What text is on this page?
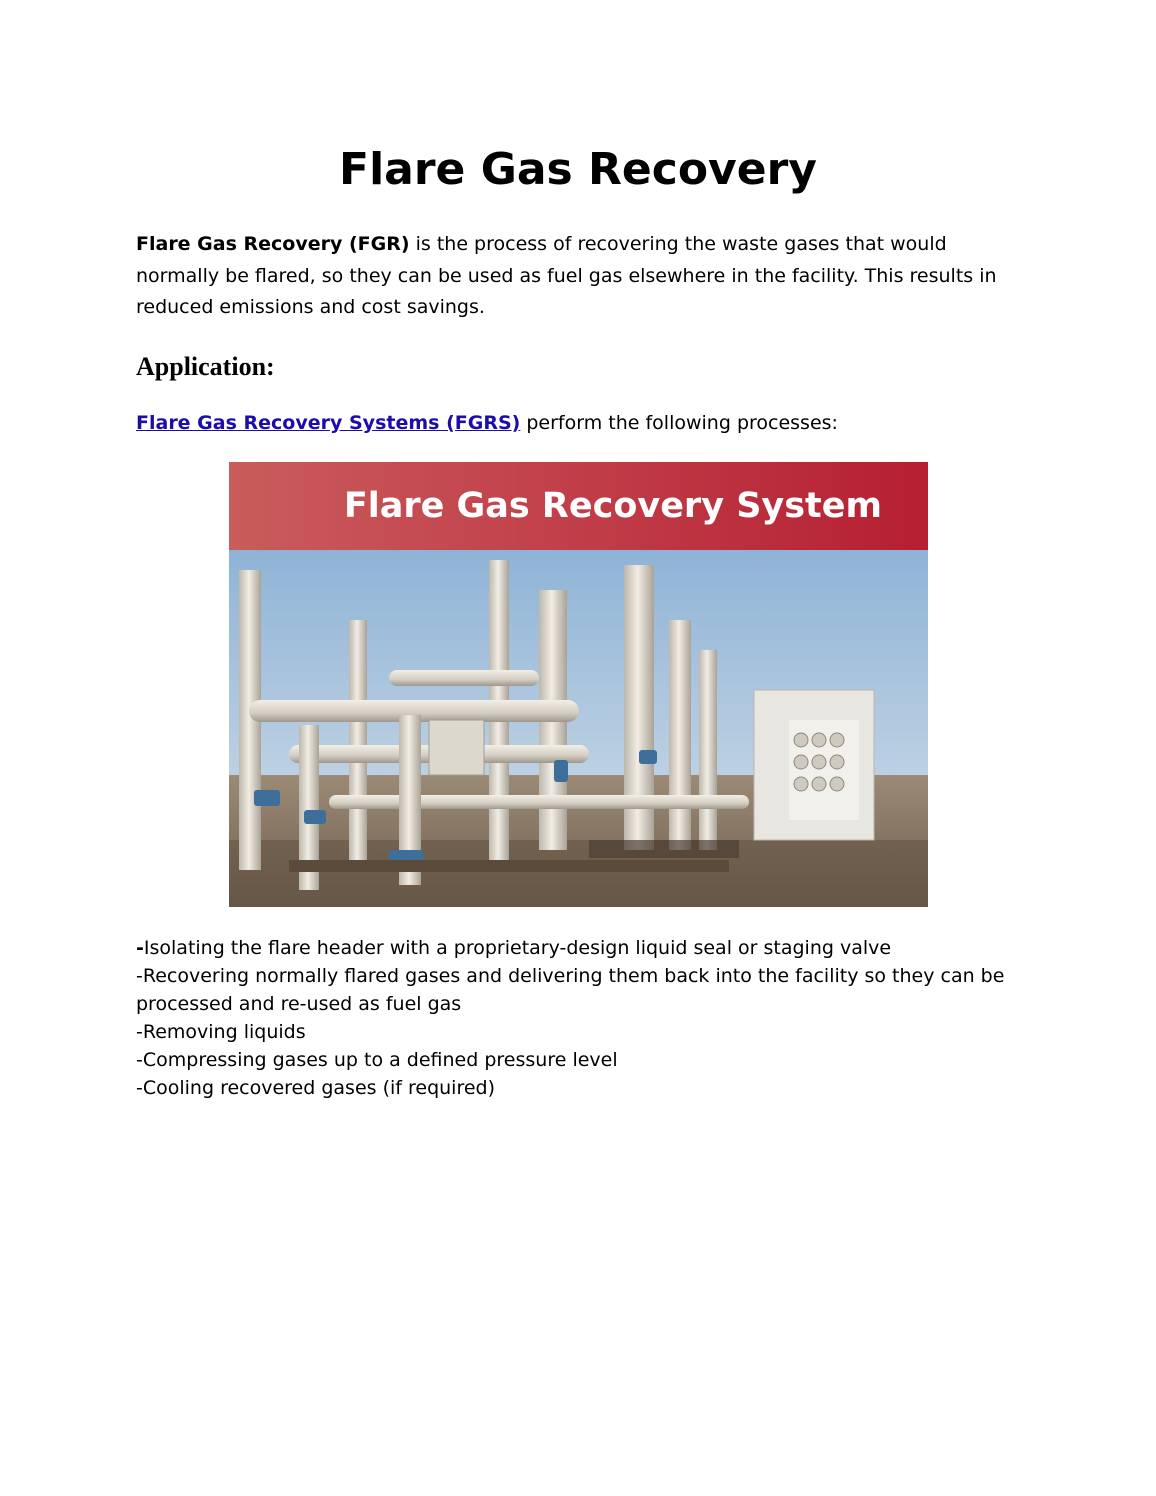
Flare Gas Recovery

Flare Gas Recovery (FGR) is the process of recovering the waste gases that would normally be flared, so they can be used as fuel gas elsewhere in the facility. This results in reduced emissions and cost savings.

Application:

Flare Gas Recovery Systems (FGRS) perform the following processes:

Flare Gas Recovery System
-Isolating the flare header with a proprietary-design liquid seal or staging valve
-Recovering normally flared gases and delivering them back into the facility so they can be processed and re-used as fuel gas
-Removing liquids
-Compressing gases up to a defined pressure level
-Cooling recovered gases (if required)
